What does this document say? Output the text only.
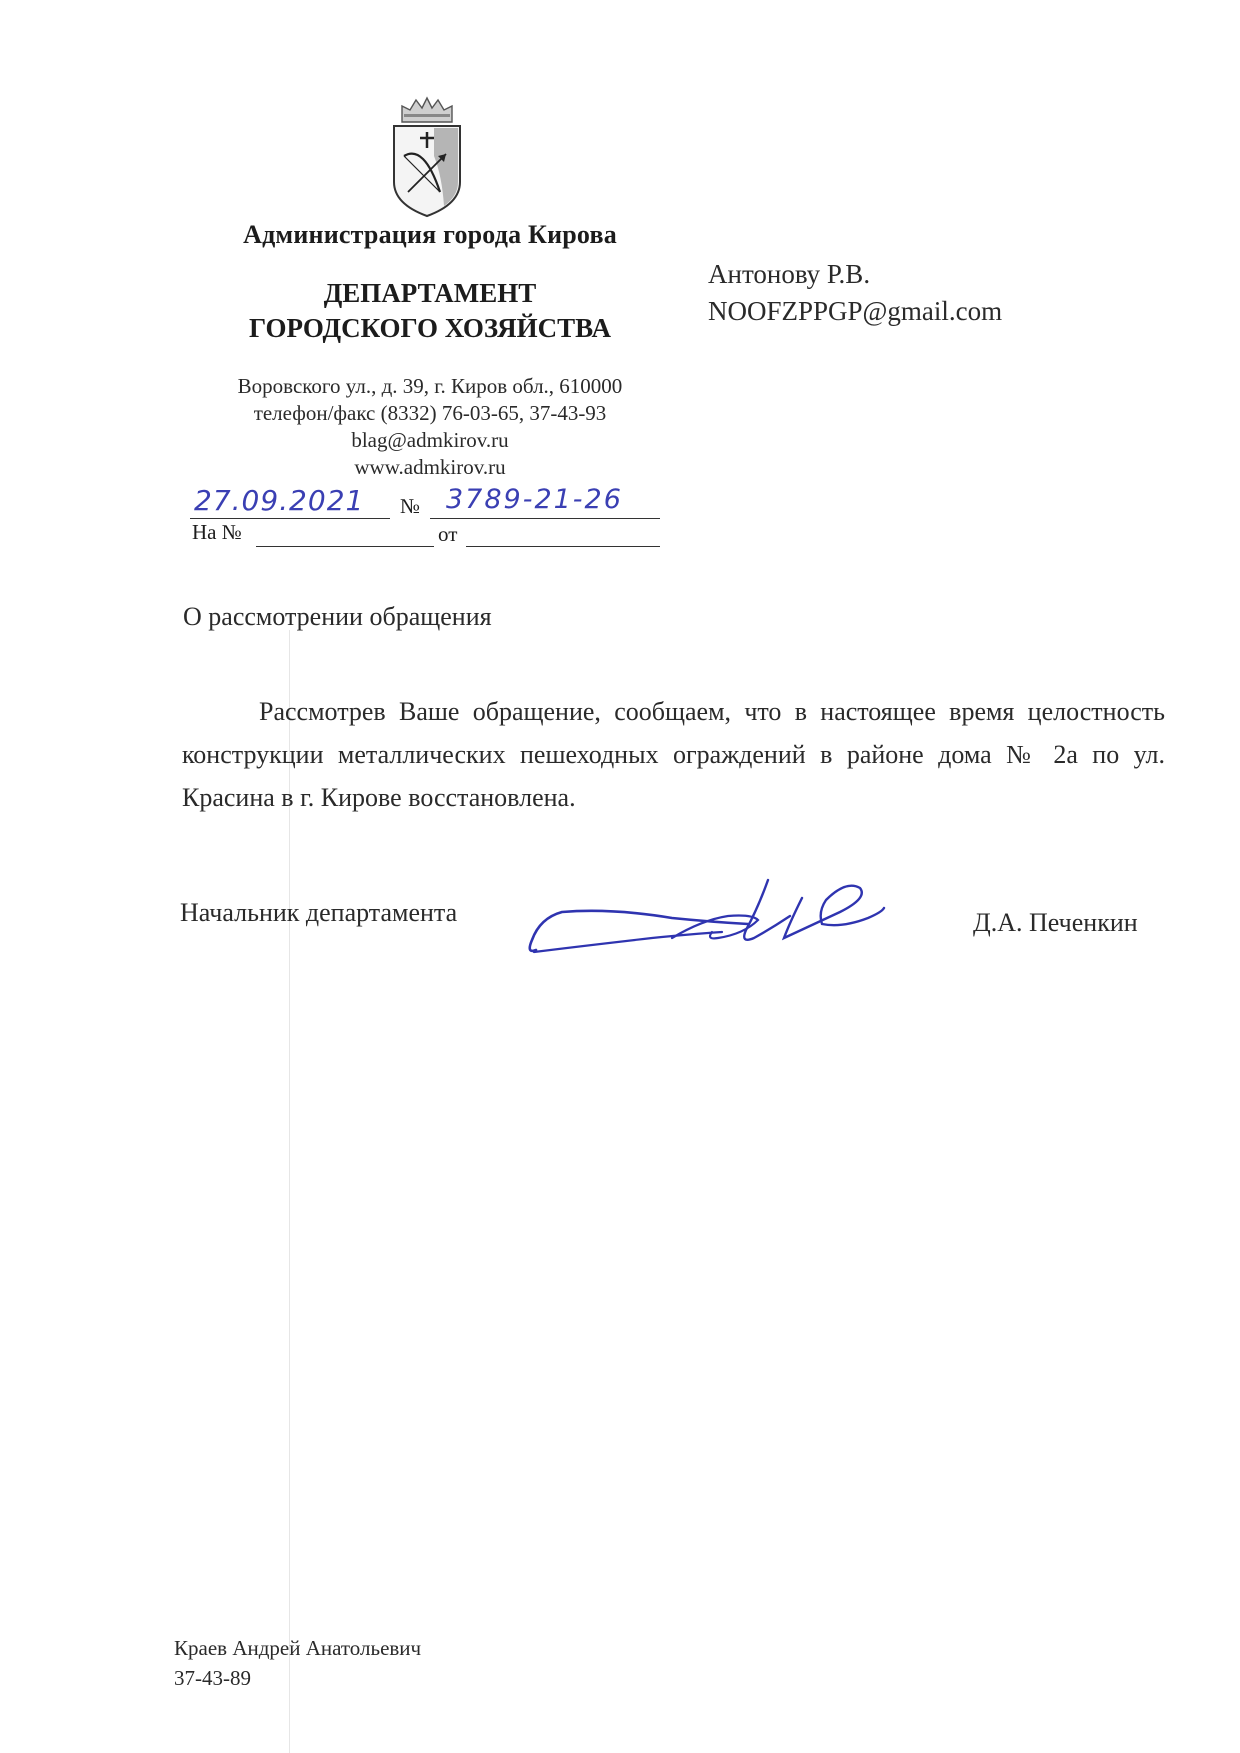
Администрация города Кирова
ДЕПАРТАМЕНТ
ГОРОДСКОГО ХОЗЯЙСТВА
Воровского ул., д. 39, г. Киров обл., 610000
телефон/факс (8332) 76-03-65, 37-43-93
blag@admkirov.ru
www.admkirov.ru
27.09.2021	№ 3789-21-26
На №	от
Антонову Р.В.
NOOFZPPGP@gmail.com
О рассмотрении обращения
Рассмотрев Ваше обращение, сообщаем, что в настоящее время целостность конструкции металлических пешеходных ограждений в районе дома № 2а по ул. Красина в г. Кирове восстановлена.
Начальник департамента	Д.А. Печенкин
Краев Андрей Анатольевич
37-43-89
